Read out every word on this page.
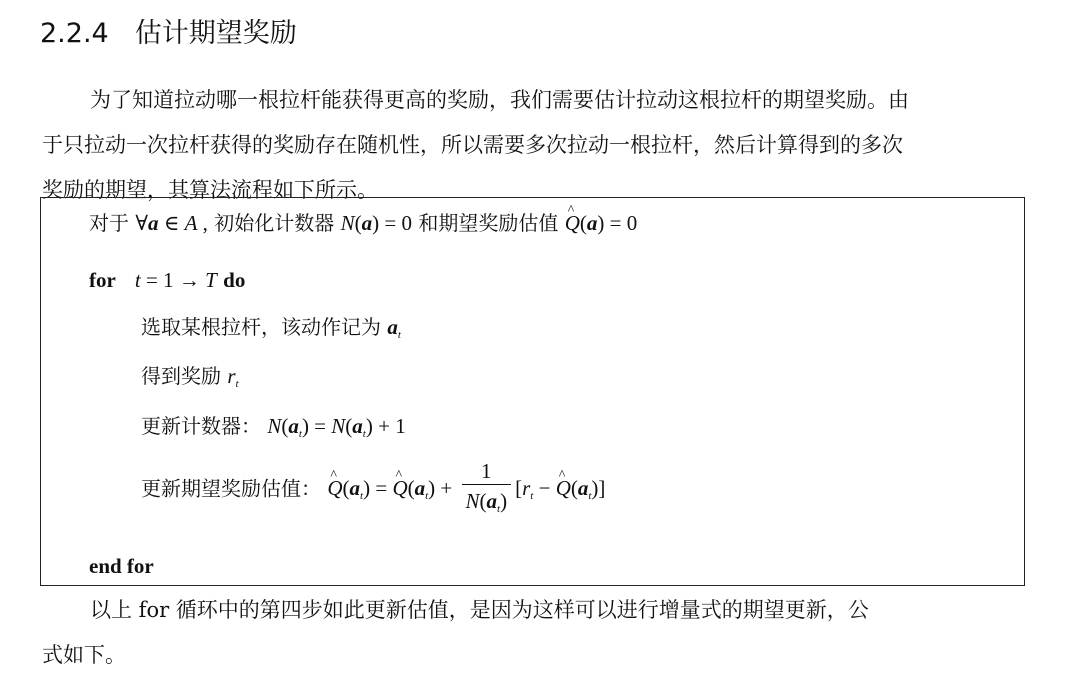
2.2.4 估计期望奖励
为了知道拉动哪一根拉杆能获得更高的奖励，我们需要估计拉动这根拉杆的期望奖励。由
于只拉动一次拉杆获得的奖励存在随机性，所以需要多次拉动一根拉杆，然后计算得到的多次
奖励的期望，其算法流程如下所示。
对于 ∀a ∈ A , 初始化计数器 N(a) = 0 和期望奖励估值 ^ Q(a) = 0
for t = 1 → T do
选取某根拉杆，该动作记为 $a_t$
得到奖励 $r_t$
更新计数器： $N(a_t) = N(a_t) + 1$
更新期望奖励估值： ^ $Q(a_t)$ = ^ $Q(a_t) + \frac{1}{N(a_t)} [r_t$ − ^ $Q(a_t)$]
end for
以上 for 循环中的第四步如此更新估值，是因为这样可以进行增量式的期望更新，公
式如下。
